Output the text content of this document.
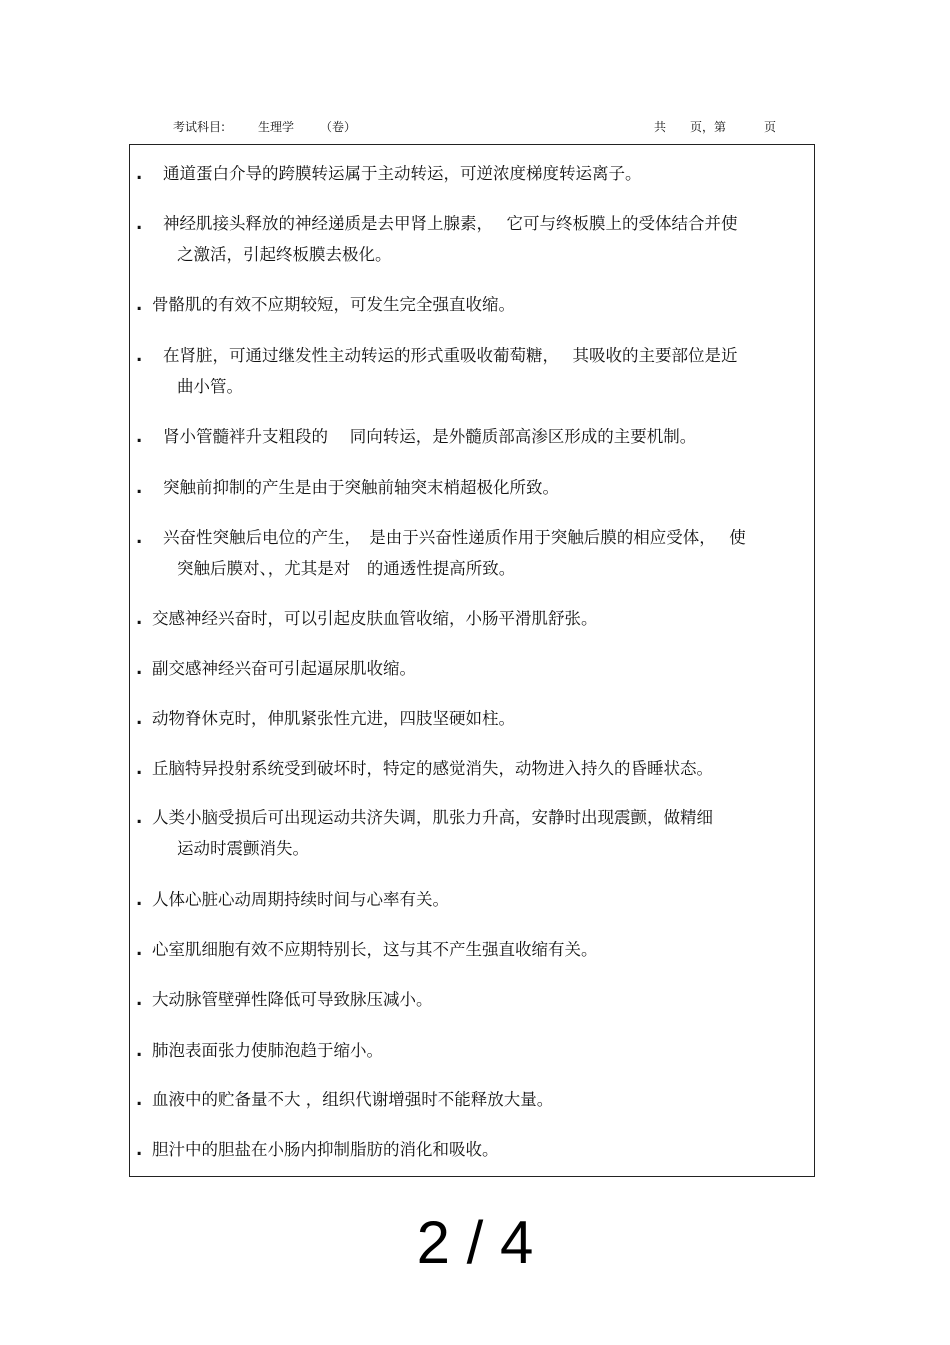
考试科目:	生理学 （卷）	共 页，第	页
. 通道蛋白介导的跨膜转运属于主动转运，可逆浓度梯度转运离子。
. 神经肌接头释放的神经递质是去甲肾上腺素，　 它可与终板膜上的受体结合并使
之激活，引起终板膜去极化。
. 骨骼肌的有效不应期较短，可发生完全强直收缩。
. 在肾脏，可通过继发性主动转运的形式重吸收葡萄糖，　 其吸收的主要部位是近
曲小管。
. 肾小管髓袢升支粗段的　 同向转运，是外髓质部高渗区形成的主要机制。
. 突触前抑制的产生是由于突触前轴突末梢超极化所致。
. 兴奋性突触后电位的产生，　是由于兴奋性递质作用于突触后膜的相应受体，　 使
突触后膜对、，尤其是对　的通透性提高所致。
. 交感神经兴奋时，可以引起皮肤血管收缩，小肠平滑肌舒张。
. 副交感神经兴奋可引起逼尿肌收缩。
. 动物脊休克时，伸肌紧张性亢进，四肢坚硬如柱。
. 丘脑特异投射系统受到破坏时，特定的感觉消失，动物进入持久的昏睡状态。
. 人类小脑受损后可出现运动共济失调，肌张力升高，安静时出现震颤，做精细
运动时震颤消失。
. 人体心脏心动周期持续时间与心率有关。
. 心室肌细胞有效不应期特别长，这与其不产生强直收缩有关。
. 大动脉管壁弹性降低可导致脉压减小。
. 肺泡表面张力使肺泡趋于缩小。
. 血液中的贮备量不大 ，组织代谢增强时不能释放大量。
. 胆汁中的胆盐在小肠内抑制脂肪的消化和吸收。
2 / 4
